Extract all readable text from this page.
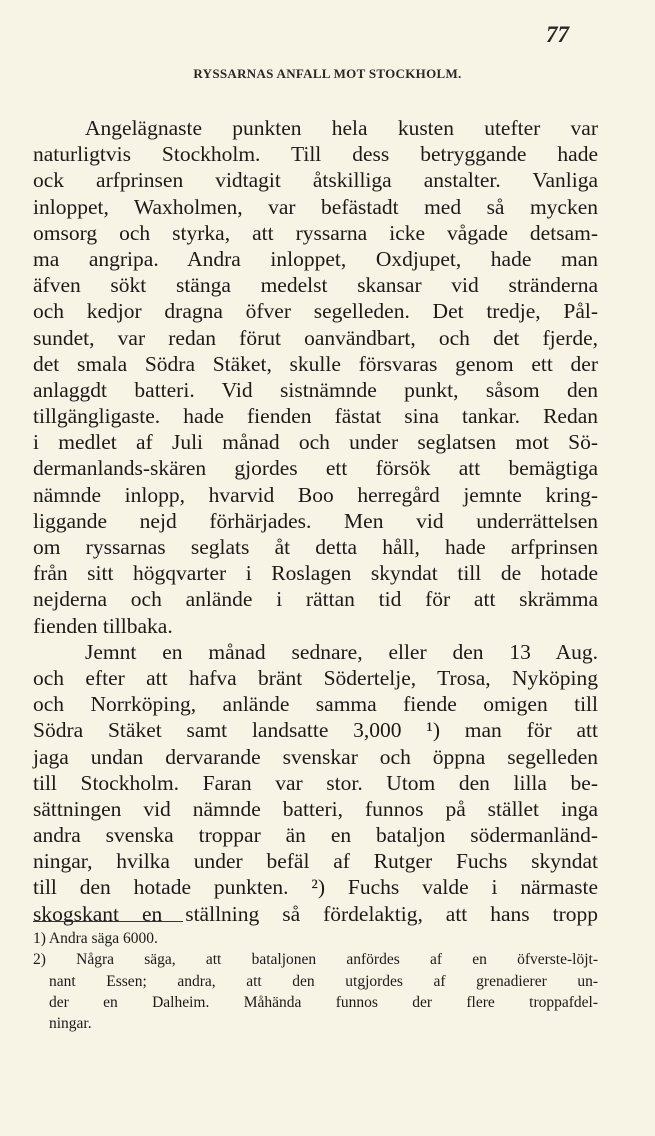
77
RYSSARNAS ANFALL MOT STOCKHOLM.
Angelägnaste punkten hela kusten utefter var
naturligtvis Stockholm. Till dess betryggande hade
ock arfprinsen vidtagit åtskilliga anstalter. Vanliga
inloppet, Waxholmen, var befästadt med så mycken
omsorg och styrka, att ryssarna icke vågade detsam-
ma angripa. Andra inloppet, Oxdjupet, hade man
äfven sökt stänga medelst skansar vid stränderna
och kedjor dragna öfver segelleden. Det tredje, Pål-
sundet, var redan förut oanvändbart, och det fjerde,
det smala Södra Stäket, skulle försvaras genom ett der
anlaggdt batteri. Vid sistnämnde punkt, såsom den
tillgängligaste. hade fienden fästat sina tankar. Redan
i medlet af Juli månad och under seglatsen mot Sö-
dermanlands-skären gjordes ett försök att bemägtiga
nämnde inlopp, hvarvid Boo herregård jemnte kring-
liggande nejd förhärjades. Men vid underrättelsen
om ryssarnas seglats åt detta håll, hade arfprinsen
från sitt högqvarter i Roslagen skyndat till de hotade
nejderna och anlände i rättan tid för att skrämma
fienden tillbaka.
Jemnt en månad sednare, eller den 13 Aug.
och efter att hafva bränt Södertelje, Trosa, Nyköping
och Norrköping, anlände samma fiende omigen till
Södra Stäket samt landsatte 3,000 ¹) man för att
jaga undan dervarande svenskar och öppna segelleden
till Stockholm. Faran var stor. Utom den lilla be-
sättningen vid nämnde batteri, funnos på stället inga
andra svenska troppar än en bataljon södermanländ-
ningar, hvilka under befäl af Rutger Fuchs skyndat
till den hotade punkten. ²) Fuchs valde i närmaste
skogskant en ställning så fördelaktig, att hans tropp
1) Andra säga 6000.
2) Några säga, att bataljonen anfördes af en öfverste-löjt-
nant Essen; andra, att den utgjordes af grenadierer un-
der en Dalheim. Måhända funnos der flere troppafdel-
ningar.
